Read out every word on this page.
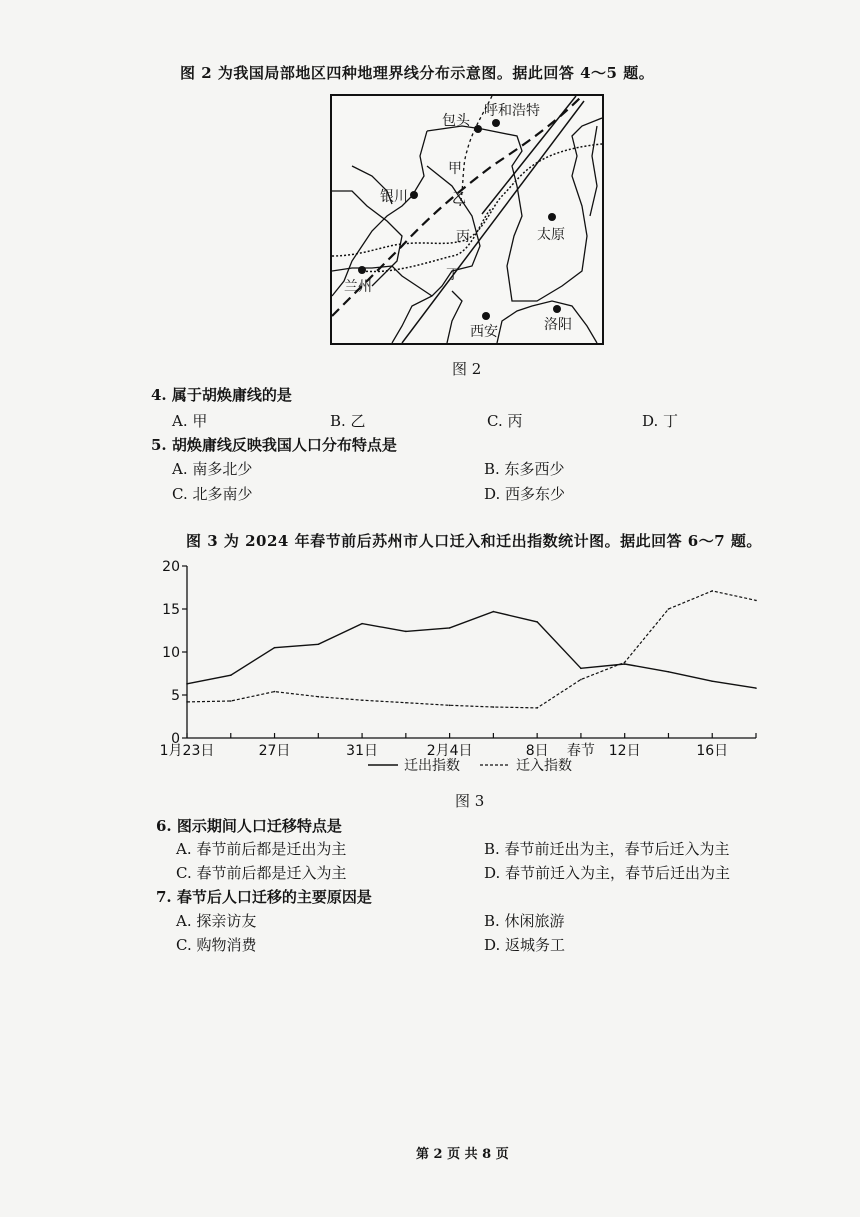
图 2 为我国局部地区四种地理界线分布示意图。据此回答 4～5 题。
包头
呼和浩特
银川
太原
兰州
西安	洛阳
甲
乙
丙
丁
图 2
4. 属于胡焕庸线的是
A. 甲	B. 乙	C. 丙	D. 丁
5. 胡焕庸线反映我国人口分布特点是
A. 南多北少	B. 东多西少
C. 北多南少	D. 西多东少
图 3 为 2024 年春节前后苏州市人口迁入和迁出指数统计图。据此回答 6～7 题。
0
5
10
15
20
1月23日	27日	31日	2月4日	8日 春节 12日	16日
迁出指数	迁入指数
图 3
6. 图示期间人口迁移特点是
A. 春节前后都是迁出为主	B. 春节前迁出为主，春节后迁入为主
C. 春节前后都是迁入为主	D. 春节前迁入为主，春节后迁出为主
7. 春节后人口迁移的主要原因是
A. 探亲访友	B. 休闲旅游
C. 购物消费	D. 返城务工
第 2 页 共 8 页
